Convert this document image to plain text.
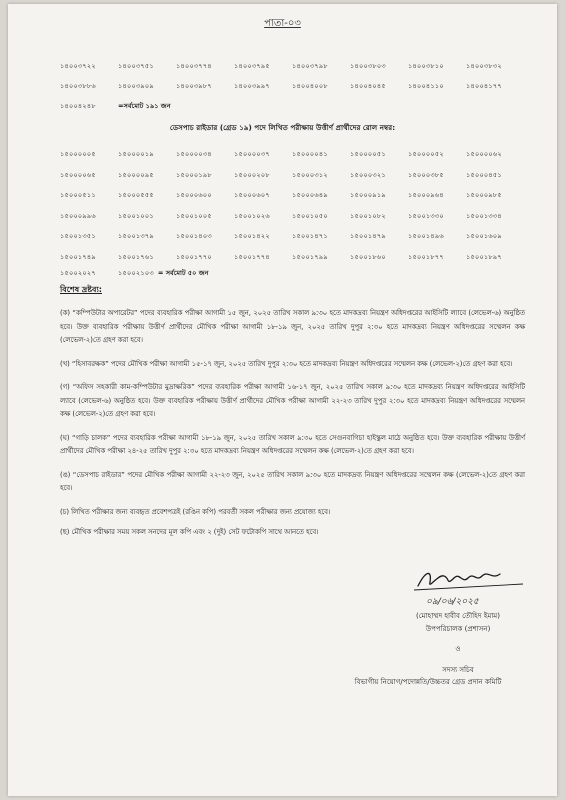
পাতা-০৩
১৪০০৩৭২২	১৪০০৩৭৫১	১৪০০৩৭৭৪	১৪০০৩৭৯৫	১৪০০৩৭৯৮	১৪০০৩৮০৩	১৪০০৩৮১০	১৪০০৩৮৩২
১৪০০৩৮৮৬	১৪০০৩৯০৯	১৪০০৩৯৮৭	১৪০০৩৯৯৭	১৪০০৪০০৮	১৪০০৪০৪৫	১৪০০৪১১০	১৪০০৪১৭৭
১৪০০৪২৪৮	=সর্বমোট ১৯১ জন
ডেসপাচ রাইডার (গ্রেড ১৯) পদে লিখিত পরীক্ষায় উত্তীর্ণ প্রার্থীদের রোল নম্বর:
১৫০০০০০৫	১৫০০০০১৯	১৫০০০০৩৪	১৫০০০০৩৭	১৫০০০০৪১	১৫০০০০৫১	১৫০০০০৫২	১৫০০০০৬২
১৫০০০০৬৫	১৫০০০০৯৫	১৫০০০১৯৮	১৫০০০২০৮	১৫০০০৩১২	১৫০০০৩২১	১৫০০০৩৮৫	১৫০০০৪৫১
১৫০০০৫১১	১৫০০০৫৫৫	১৫০০০৬০০	১৫০০০৬০৭	১৫০০০৬৪৯	১৫০০০৯১৯	১৫০০০৯৬৪	১৫০০০৯৮৫
১৫০০০৯৯৬	১৫০০১০০১	১৫০০১০০৫	১৫০০১০২৬	১৫০০১০৫০	১৫০০১০৮২	১৫০০১৩৩০	১৫০০১৩৩৪
১৫০০১৩৫১	১৫০০১৩৭৯	১৫০০১৪০৩	১৫০০১৪২২	১৫০০১৪৭১	১৫০০১৪৭৯	১৫০০১৪৯৬	১৫০০১৬০৯
১৫০০১৭৪৯	১৫০০১৭৬১	১৫০০১৭৭০	১৫০০১৭৭৪	১৫০০১৭৯৯	১৫০০১৮৬০	১৫০০১৮৭৭	১৫০০১৮৯৭
১৫০০২০২৭	১৫০০২১০৩ = সর্বমোট ৫০ জন
বিশেষ দ্রষ্টব্য:
(ক) “কম্পিউটার অপারেটর” পদের ব্যবহারিক পরীক্ষা আগামী ১৫ জুন, ২০২৫ তারিখ সকাল ৯:৩০ হতে মাদকদ্রব্য নিয়ন্ত্রণ অধিদপ্তরের আইসিটি ল্যাবে (লেভেল-৬) অনুষ্ঠিত হবে। উক্ত ব্যবহারিক পরীক্ষায় উত্তীর্ণ প্রার্থীদের মৌখিক পরীক্ষা আগামী ১৮-১৯ জুন, ২০২৫ তারিখ দুপুর ২:৩০ হতে মাদকদ্রব্য নিয়ন্ত্রণ অধিদপ্তরের সম্মেলন কক্ষ (লেভেল-২)তে গ্রহণ করা হবে।
(খ) “হিসাবরক্ষক” পদের মৌখিক পরীক্ষা আগামী ১৫-১৭ জুন, ২০২৫ তারিখ দুপুর ২:৩০ হতে মাদকদ্রব্য নিয়ন্ত্রণ অধিদপ্তরের সম্মেলন কক্ষ (লেভেল-২)তে গ্রহণ করা হবে।
(গ) “অফিস সহকারী কাম-কম্পিউটার মুদ্রাক্ষরিক” পদের ব্যবহারিক পরীক্ষা আগামী ১৬-১৭ জুন, ২০২৫ তারিখ সকাল ৯:৩০ হতে মাদকদ্রব্য নিয়ন্ত্রণ অধিদপ্তরের আইসিটি ল্যাবে (লেভেল-৬) অনুষ্ঠিত হবে। উক্ত ব্যবহারিক পরীক্ষায় উত্তীর্ণ প্রার্থীদের মৌখিক পরীক্ষা আগামী ২২-২৩ তারিখ দুপুর ২:৩০ হতে মাদকদ্রব্য নিয়ন্ত্রণ অধিদপ্তরের সম্মেলন কক্ষ (লেভেল-২)তে গ্রহণ করা হবে।
(ঘ) “গাড়ি চালক” পদের ব্যবহারিক পরীক্ষা আগামী ১৮-১৯ জুন, ২০২৫ তারিখ সকাল ৯:৩০ হতে সেগুনবাগিচা হাইস্কুল মাঠে অনুষ্ঠিত হবে। উক্ত ব্যবহারিক পরীক্ষায় উত্তীর্ণ প্রার্থীদের মৌখিক পরীক্ষা ২৪-২৫ তারিখ দুপুর ২:৩০ হতে মাদকদ্রব্য নিয়ন্ত্রণ অধিদপ্তরের সম্মেলন কক্ষ (লেভেল-২)তে গ্রহণ করা হবে।
(ঙ) “ডেসপাচ রাইডার” পদের মৌখিক পরীক্ষা আগামী ২২-২৩ জুন, ২০২৫ তারিখ সকাল ৯:৩০ হতে মাদকদ্রব্য নিয়ন্ত্রণ অধিদপ্তরের সম্মেলন কক্ষ (লেভেল-২)তে গ্রহণ করা হবে।
(চ) লিখিত পরীক্ষার জন্য ব্যবহৃত প্রবেশপত্রই (রঙিন কপি) পরবর্তী সকল পরীক্ষার জন্য প্রযোজ্য হবে।
(ছ) মৌখিক পরীক্ষার সময় সকল সনদের মূল কপি এবং ২ (দুই) সেট ফটোকপি সাথে আনতে হবে।
০৯/০৬/২০২৫
(মোহাম্মদ হাবীব তৌহিদ ইমাম)
উপপরিচালক (প্রশাসন)
ও
সদস্য সচিব
বিভাগীয় নিয়োগ/পদোন্নতি/উচ্চতর গ্রেড প্রদান কমিটি
